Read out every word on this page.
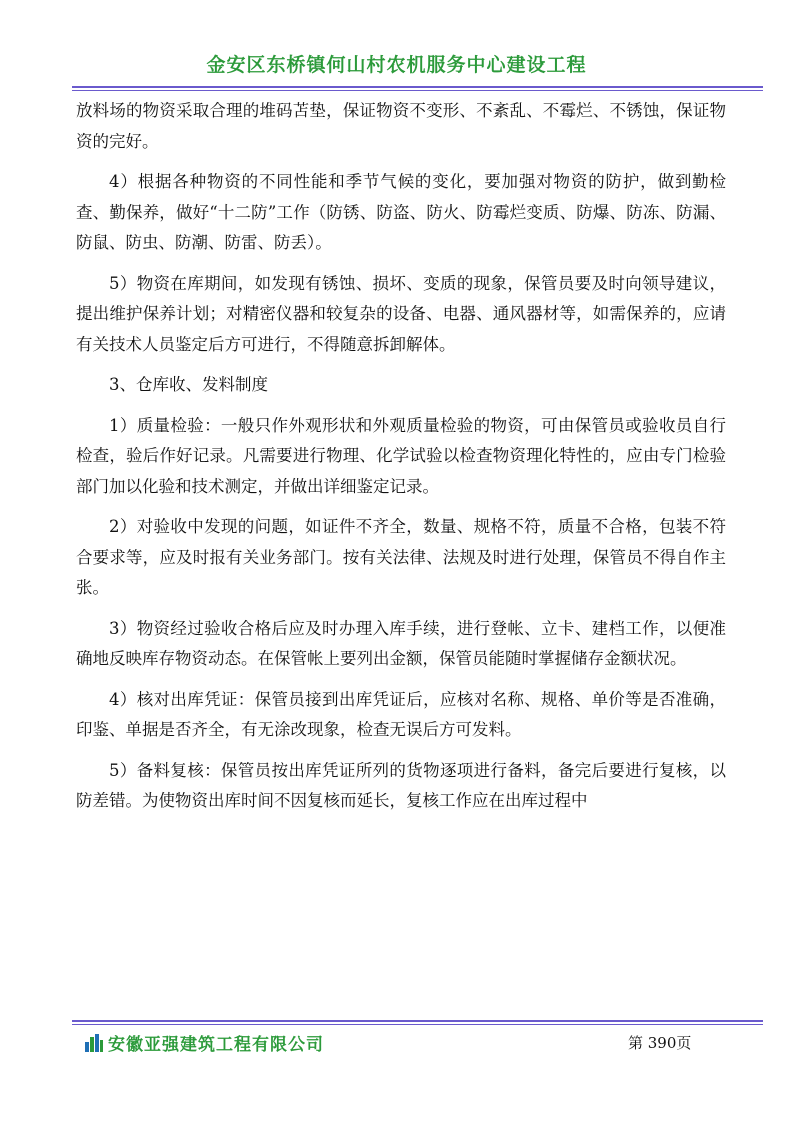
金安区东桥镇何山村农机服务中心建设工程

放料场的物资采取合理的堆码苫垫，保证物资不变形、不紊乱、不霉烂、不锈蚀，保证物资的完好。

4）根据各种物资的不同性能和季节气候的变化，要加强对物资的防护，做到勤检查、勤保养，做好“十二防”工作（防锈、防盗、防火、防霉烂变质、防爆、防冻、防漏、防鼠、防虫、防潮、防雷、防丢）。

5）物资在库期间，如发现有锈蚀、损坏、变质的现象，保管员要及时向领导建议，提出维护保养计划；对精密仪器和较复杂的设备、电器、通风器材等，如需保养的，应请有关技术人员鉴定后方可进行，不得随意拆卸解体。

3、仓库收、发料制度

1）质量检验：一般只作外观形状和外观质量检验的物资，可由保管员或验收员自行检查，验后作好记录。凡需要进行物理、化学试验以检查物资理化特性的，应由专门检验部门加以化验和技术测定，并做出详细鉴定记录。

2）对验收中发现的问题，如证件不齐全，数量、规格不符，质量不合格，包装不符合要求等，应及时报有关业务部门。按有关法律、法规及时进行处理，保管员不得自作主张。

3）物资经过验收合格后应及时办理入库手续，进行登帐、立卡、建档工作，以便准确地反映库存物资动态。在保管帐上要列出金额，保管员能随时掌握储存金额状况。

4）核对出库凭证：保管员接到出库凭证后，应核对名称、规格、单价等是否准确，印鉴、单据是否齐全，有无涂改现象，检查无误后方可发料。

5）备料复核：保管员按出库凭证所列的货物逐项进行备料，备完后要进行复核，以防差错。为使物资出库时间不因复核而延长，复核工作应在出库过程中

安徽亚强建筑工程有限公司	第 390页
